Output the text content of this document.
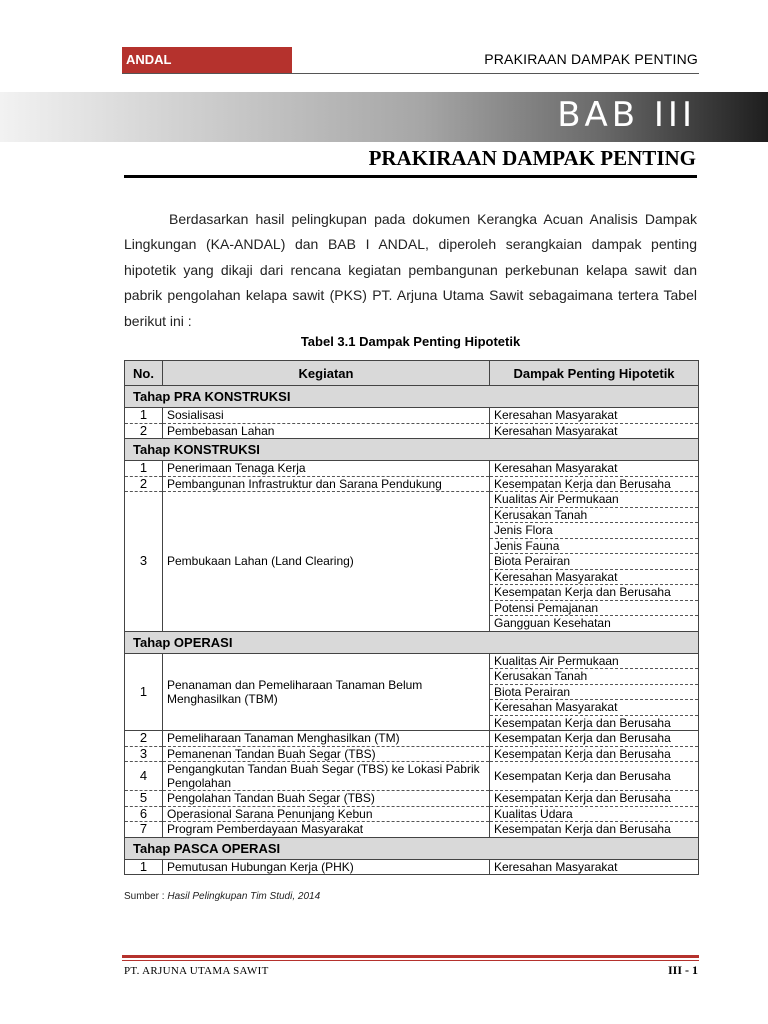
ANDAL	PRAKIRAAN DAMPAK PENTING
BAB III
PRAKIRAAN DAMPAK PENTING
Berdasarkan hasil pelingkupan pada dokumen Kerangka Acuan Analisis Dampak Lingkungan (KA-ANDAL) dan BAB I ANDAL, diperoleh serangkaian dampak penting hipotetik yang dikaji dari rencana kegiatan pembangunan perkebunan kelapa sawit dan pabrik pengolahan kelapa sawit (PKS) PT. Arjuna Utama Sawit sebagaimana tertera Tabel berikut ini :
Tabel 3.1 Dampak Penting Hipotetik
No.	Kegiatan	Dampak Penting Hipotetik
Tahap PRA KONSTRUKSI		
1	Sosialisasi	Keresahan Masyarakat
2	Pembebasan Lahan	Keresahan Masyarakat
Tahap KONSTRUKSI		
1	Penerimaan Tenaga Kerja	Keresahan Masyarakat
2	Pembangunan Infrastruktur dan Sarana Pendukung	Kesempatan Kerja dan Berusaha
3	Pembukaan Lahan (Land Clearing)	Kualitas Air Permukaan
		Kerusakan Tanah
		Jenis Flora
		Jenis Fauna
		Biota Perairan
		Keresahan Masyarakat
		Kesempatan Kerja dan Berusaha
		Potensi Pemajanan
		Gangguan Kesehatan
Tahap OPERASI		
1	Penanaman dan Pemeliharaan Tanaman Belum Menghasilkan (TBM)	Kualitas Air Permukaan
		Kerusakan Tanah
		Biota Perairan
		Keresahan Masyarakat
		Kesempatan Kerja dan Berusaha
2	Pemeliharaan Tanaman Menghasilkan (TM)	Kesempatan Kerja dan Berusaha
3	Pemanenan Tandan Buah Segar (TBS)	Kesempatan Kerja dan Berusaha
4	Pengangkutan Tandan Buah Segar (TBS) ke Lokasi Pabrik Pengolahan	Kesempatan Kerja dan Berusaha
5	Pengolahan Tandan Buah Segar (TBS)	Kesempatan Kerja dan Berusaha
6	Operasional Sarana Penunjang Kebun	Kualitas Udara
7	Program Pemberdayaan Masyarakat	Kesempatan Kerja dan Berusaha
Tahap PASCA OPERASI		
1	Pemutusan Hubungan Kerja (PHK)	Keresahan Masyarakat
Sumber : Hasil Pelingkupan Tim Studi, 2014
PT. ARJUNA UTAMA SAWIT	III - 1
